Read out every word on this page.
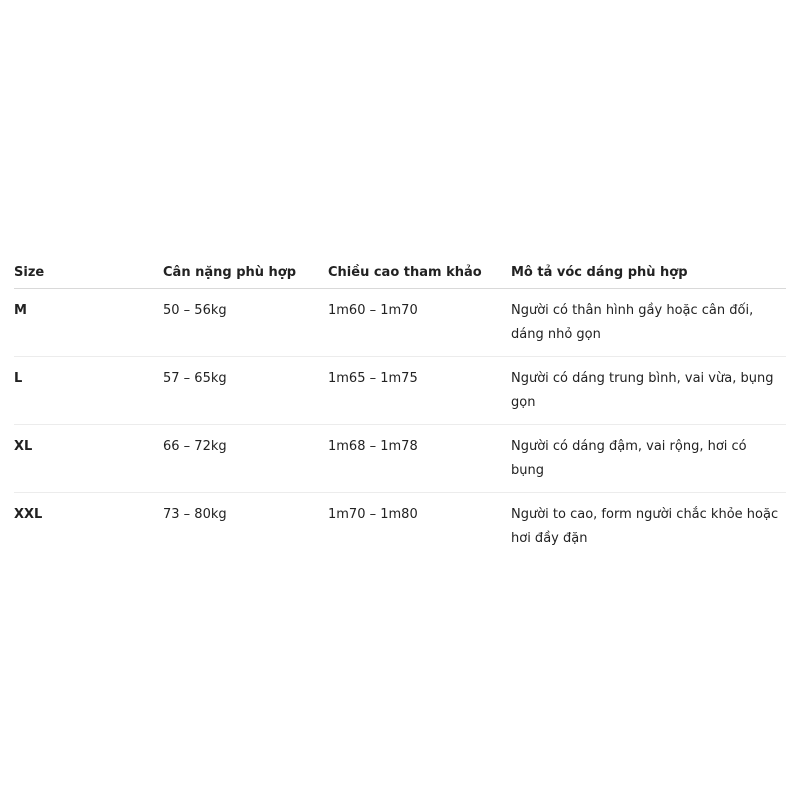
Size	Cân nặng phù hợp	Chiều cao tham khảo	Mô tả vóc dáng phù hợp
M	50 – 56kg	1m60 – 1m70	Người có thân hình gầy hoặc cân đối, dáng nhỏ gọn
L	57 – 65kg	1m65 – 1m75	Người có dáng trung bình, vai vừa, bụng gọn
XL	66 – 72kg	1m68 – 1m78	Người có dáng đậm, vai rộng, hơi có bụng
XXL	73 – 80kg	1m70 – 1m80	Người to cao, form người chắc khỏe hoặc hơi đầy đặn
